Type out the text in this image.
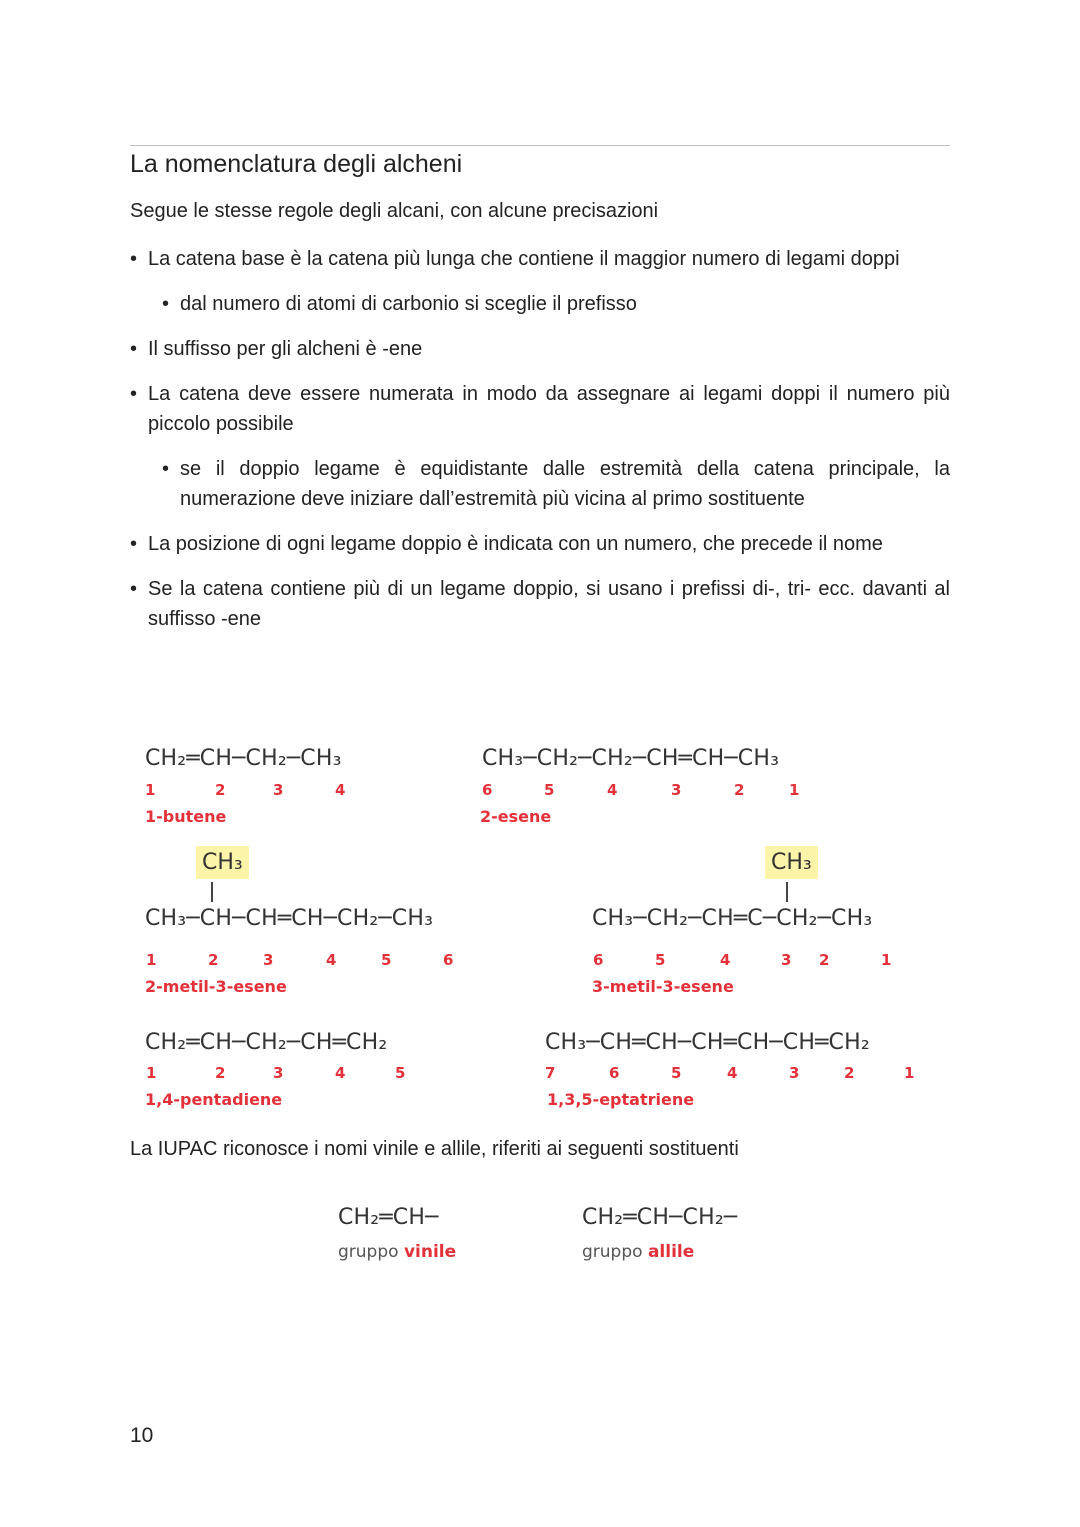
La nomenclatura degli alcheni
Segue le stesse regole degli alcani, con alcune precisazioni
• La catena base è la catena più lunga che contiene il maggior numero di legami doppi
• dal numero di atomi di carbonio si sceglie il prefisso
• Il suffisso per gli alcheni è -ene
• La catena deve essere numerata in modo da assegnare ai legami doppi il numero più piccolo possibile
• se il doppio legame è equidistante dalle estremità della catena principale, la numerazione deve iniziare dall’estremità più vicina al primo sostituente
• La posizione di ogni legame doppio è indicata con un numero, che precede il nome
• Se la catena contiene più di un legame doppio, si usano i prefissi di-, tri- ecc. davanti al suffisso -ene
CH₂═CH─CH₂─CH₃
1	2	3	4
1-butene
CH₃─CH₂─CH₂─CH═CH─CH₃
6	5	4	3	2	1
2-esene
CH₃
CH₃─CH─CH═CH─CH₂─CH₃
1	2	3	4	5	6
2-metil-3-esene
CH₃
CH₃─CH₂─CH═C─CH₂─CH₃
6	5	4	3 2	1
3-metil-3-esene
CH₂═CH─CH₂─CH═CH₂
1	2	3	4	5
1,4-pentadiene
CH₃─CH═CH─CH═CH─CH═CH₂
7	6	5	4	3	2	1
1,3,5-eptatriene
La IUPAC riconosce i nomi vinile e allile, riferiti ai seguenti sostituenti
CH₂═CH─
gruppo vinile
CH₂═CH─CH₂─
gruppo allile
10
